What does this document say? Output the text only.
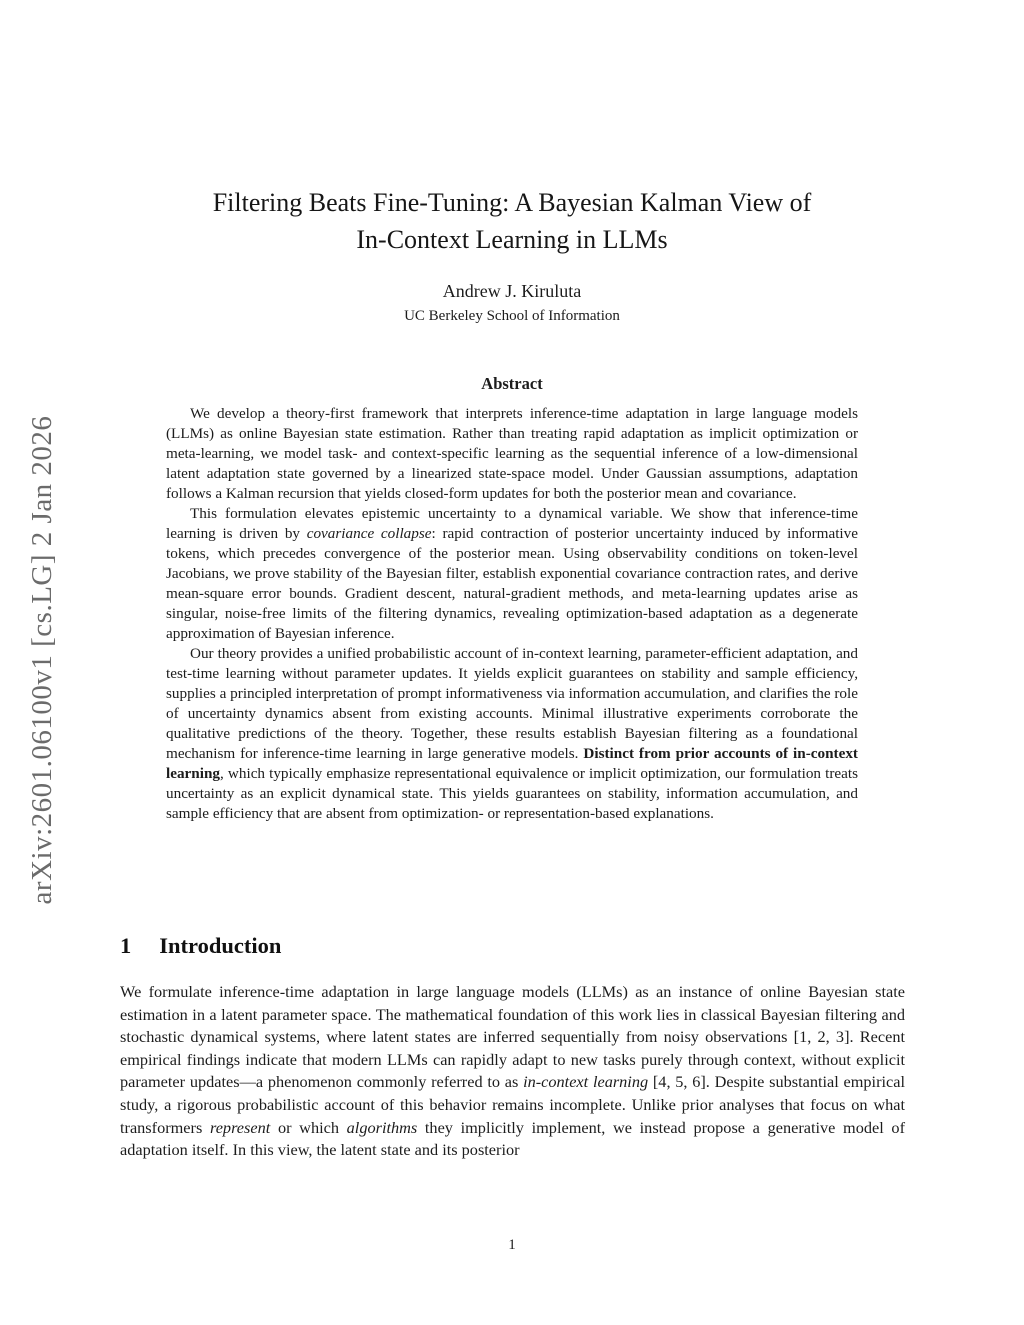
arXiv:2601.06100v1 [cs.LG] 2 Jan 2026
Filtering Beats Fine-Tuning: A Bayesian Kalman View of
In-Context Learning in LLMs
Andrew J. Kiruluta
UC Berkeley School of Information
Abstract

We develop a theory-first framework that interprets inference-time adaptation in large language models (LLMs) as online Bayesian state estimation. Rather than treating rapid adaptation as implicit optimization or meta-learning, we model task- and context-specific learning as the sequential inference of a low-dimensional latent adaptation state governed by a linearized state-space model. Under Gaussian assumptions, adaptation follows a Kalman recursion that yields closed-form updates for both the posterior mean and covariance.

This formulation elevates epistemic uncertainty to a dynamical variable. We show that inference-time learning is driven by covariance collapse: rapid contraction of posterior uncertainty induced by informative tokens, which precedes convergence of the posterior mean. Using observability conditions on token-level Jacobians, we prove stability of the Bayesian filter, establish exponential covariance contraction rates, and derive mean-square error bounds. Gradient descent, natural-gradient methods, and meta-learning updates arise as singular, noise-free limits of the filtering dynamics, revealing optimization-based adaptation as a degenerate approximation of Bayesian inference.

Our theory provides a unified probabilistic account of in-context learning, parameter-efficient adaptation, and test-time learning without parameter updates. It yields explicit guarantees on stability and sample efficiency, supplies a principled interpretation of prompt informativeness via information accumulation, and clarifies the role of uncertainty dynamics absent from existing accounts. Minimal illustrative experiments corroborate the qualitative predictions of the theory. Together, these results establish Bayesian filtering as a foundational mechanism for inference-time learning in large generative models. Distinct from prior accounts of in-context learning, which typically emphasize representational equivalence or implicit optimization, our formulation treats uncertainty as an explicit dynamical state. This yields guarantees on stability, information accumulation, and sample efficiency that are absent from optimization- or representation-based explanations.

1 Introduction

We formulate inference-time adaptation in large language models (LLMs) as an instance of online Bayesian state estimation in a latent parameter space. The mathematical foundation of this work lies in classical Bayesian filtering and stochastic dynamical systems, where latent states are inferred sequentially from noisy observations [1, 2, 3]. Recent empirical findings indicate that modern LLMs can rapidly adapt to new tasks purely through context, without explicit parameter updates—a phenomenon commonly referred to as in-context learning [4, 5, 6]. Despite substantial empirical study, a rigorous probabilistic account of this behavior remains incomplete. Unlike prior analyses that focus on what transformers represent or which algorithms they implicitly implement, we instead propose a generative model of adaptation itself. In this view, the latent state and its posterior

1
